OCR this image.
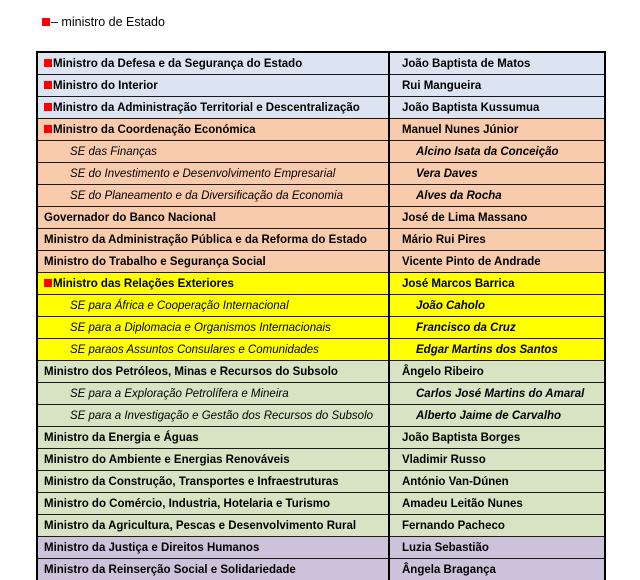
– ministro de Estado
Ministro da Defesa e da Segurança do Estado	João Baptista de Matos
Ministro do Interior	Rui Mangueira
Ministro da Administração Territorial e Descentralização	João Baptista Kussumua
Ministro da Coordenação Económica	Manuel Nunes Júnior
SE das Finanças	Alcino Isata da Conceição
SE do Investimento e Desenvolvimento Empresarial	Vera Daves
SE do Planeamento e da Diversificação da Economia	Alves da Rocha
Governador do Banco Nacional	José de Lima Massano
Ministro da Administração Pública e da Reforma do Estado	Mário Rui Pires
Ministro do Trabalho e Segurança Social	Vicente Pinto de Andrade
Ministro das Relações Exteriores	José Marcos Barrica
SE para África e Cooperação Internacional	João Caholo
SE para a Diplomacia e Organismos Internacionais	Francisco da Cruz
SE paraos Assuntos Consulares e Comunidades	Edgar Martins dos Santos
Ministro dos Petróleos, Minas e Recursos do Subsolo	Ângelo Ribeiro
SE para a Exploração Petrolífera e Mineira	Carlos José Martins do Amaral
SE para a Investigação e Gestão dos Recursos do Subsolo	Alberto Jaime de Carvalho
Ministro da Energia e Águas	João Baptista Borges
Ministro do Ambiente e Energias Renováveis	Vladimir Russo
Ministro da Construção, Transportes e Infraestruturas	António Van-Dúnen
Ministro do Comércio, Industria, Hotelaria e Turismo	Amadeu Leitão Nunes
Ministro da Agricultura, Pescas e Desenvolvimento Rural	Fernando Pacheco
Ministro da Justiça e Direitos Humanos	Luzia Sebastião
Ministro da Reinserção Social e Solidariedade	Ângela Bragança
